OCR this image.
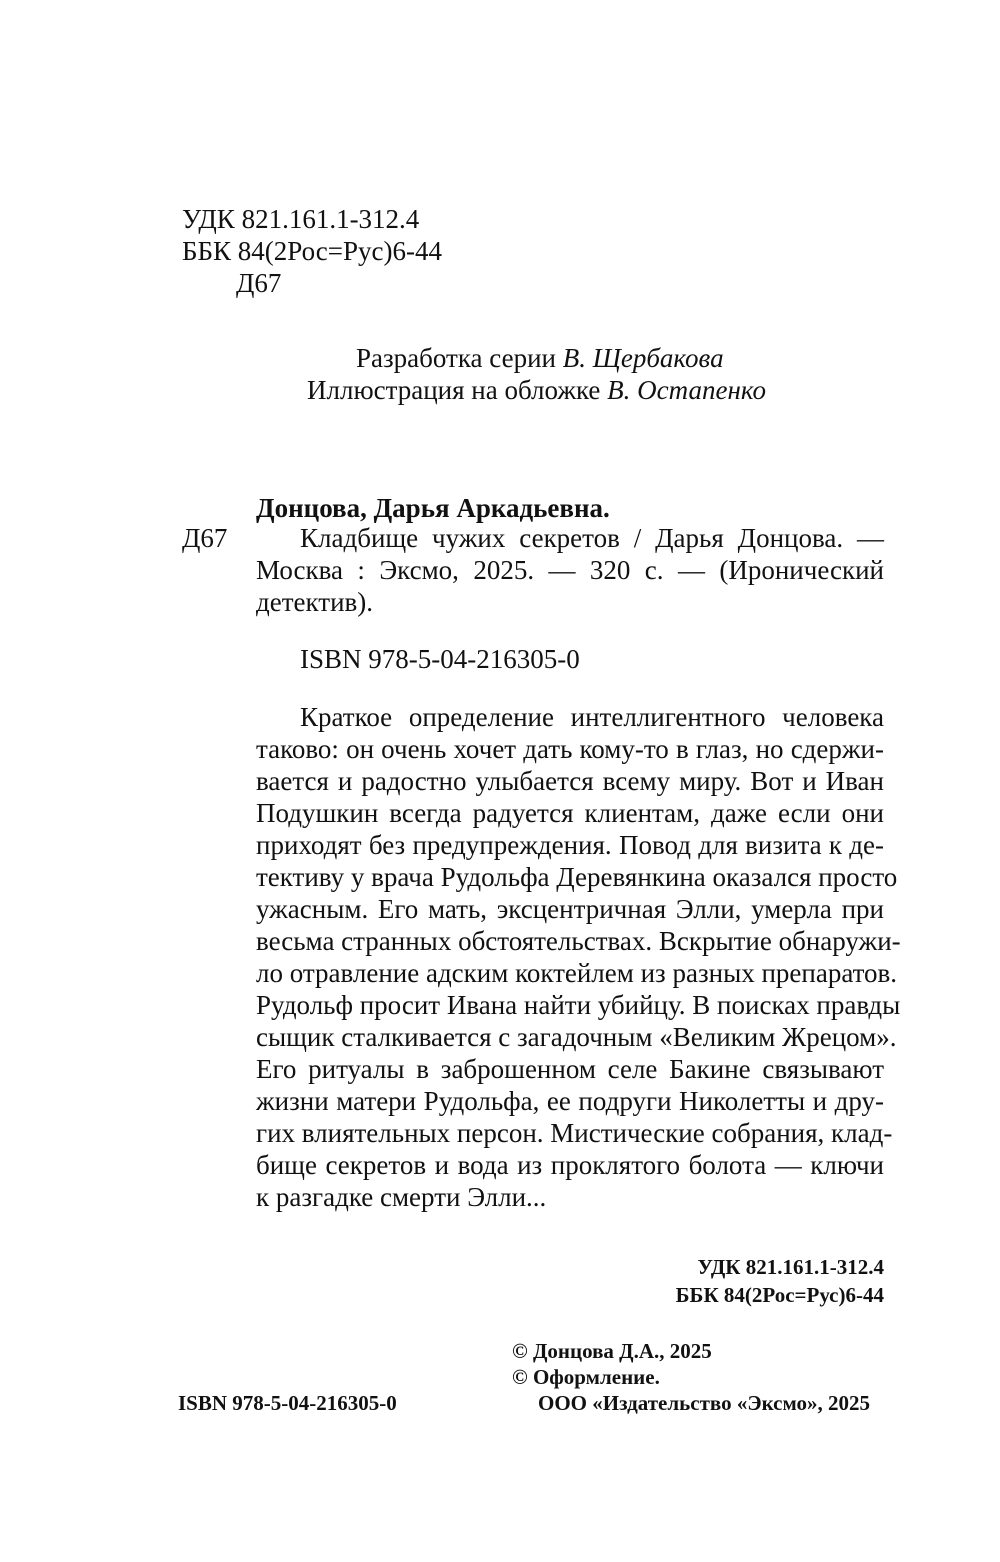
УДК 821.161.1-312.4
ББК 84(2Рос=Рус)6-44
Д67
Разработка серии В. Щербакова
Иллюстрация на обложке В. Остапенко
Донцова, Дарья Аркадьевна.
Д67	Кладбище чужих секретов / Дарья Донцова. —
Москва : Эксмо, 2025. — 320 с. — (Иронический
детектив).
ISBN 978-5-04-216305-0
Краткое определение интеллигентного человека
таково: он очень хочет дать кому-то в глаз, но сдержи-
вается и радостно улыбается всему миру. Вот и Иван
Подушкин всегда радуется клиентам, даже если они
приходят без предупреждения. Повод для визита к де-
тективу у врача Рудольфа Деревянкина оказался просто
ужасным. Его мать, эксцентричная Элли, умерла при
весьма странных обстоятельствах. Вскрытие обнаружи-
ло отравление адским коктейлем из разных препаратов.
Рудольф просит Ивана найти убийцу. В поисках правды
сыщик сталкивается с загадочным «Великим Жрецом».
Его ритуалы в заброшенном селе Бакине связывают
жизни матери Рудольфа, ее подруги Николетты и дру-
гих влиятельных персон. Мистические собрания, клад-
бище секретов и вода из проклятого болота — ключи
к разгадке смерти Элли...
УДК 821.161.1-312.4
ББК 84(2Рос=Рус)6-44
© Донцова Д.А., 2025
© Оформление.
ООО «Издательство «Эксмо», 2025
ISBN 978-5-04-216305-0
